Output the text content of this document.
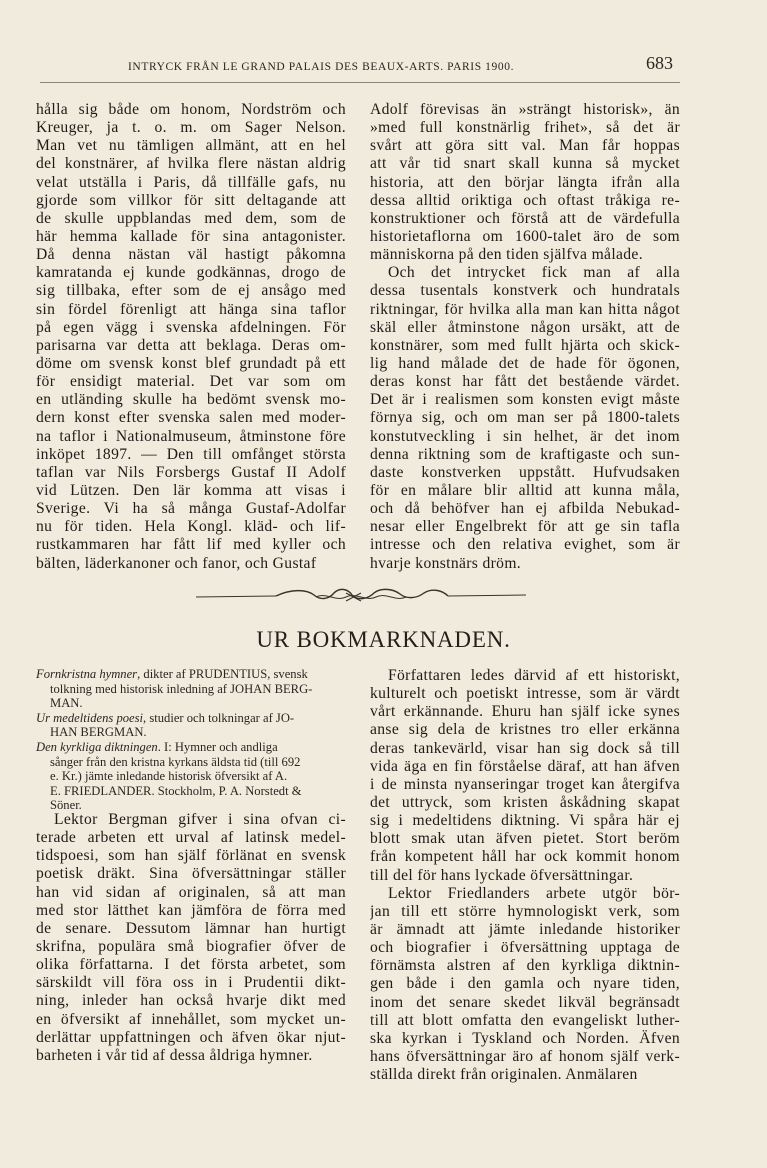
INTRYCK FRÅN LE GRAND PALAIS DES BEAUX-ARTS. PARIS 1900.	683
hålla sig både om honom, Nordström och
Kreuger, ja t. o. m. om Sager Nelson.
Man vet nu tämligen allmänt, att en hel
del konstnärer, af hvilka flere nästan aldrig
velat utställa i Paris, då tillfälle gafs, nu
gjorde som villkor för sitt deltagande att
de skulle uppblandas med dem, som de
här hemma kallade för sina antagonister.
Då denna nästan väl hastigt påkomna
kamratanda ej kunde godkännas, drogo de
sig tillbaka, efter som de ej ansågo med
sin fördel förenligt att hänga sina taflor
på egen vägg i svenska afdelningen. För
parisarna var detta att beklaga. Deras om-
döme om svensk konst blef grundadt på ett
för ensidigt material. Det var som om
en utländing skulle ha bedömt svensk mo-
dern konst efter svenska salen med moder-
na taflor i Nationalmuseum, åtminstone före
inköpet 1897. — Den till omfånget största
taflan var Nils Forsbergs Gustaf II Adolf
vid Lützen. Den lär komma att visas i
Sverige. Vi ha så många Gustaf-Adolfar
nu för tiden. Hela Kongl. kläd- och lif-
rustkammaren har fått lif med kyller och
bälten, läderkanoner och fanor, och Gustaf
Adolf förevisas än »strängt historisk», än
»med full konstnärlig frihet», så det är
svårt att göra sitt val. Man får hoppas
att vår tid snart skall kunna så mycket
historia, att den börjar längta ifrån alla
dessa alltid oriktiga och oftast tråkiga re-
konstruktioner och förstå att de värdefulla
historietaflorna om 1600-talet äro de som
människorna på den tiden själfva målade.
Och det intrycket fick man af alla
dessa tusentals konstverk och hundratals
riktningar, för hvilka alla man kan hitta något
skäl eller åtminstone någon ursäkt, att de
konstnärer, som med fullt hjärta och skick-
lig hand målade det de hade för ögonen,
deras konst har fått det bestående värdet.
Det är i realismen som konsten evigt måste
förnya sig, och om man ser på 1800-talets
konstutveckling i sin helhet, är det inom
denna riktning som de kraftigaste och sun-
daste konstverken uppstått. Hufvudsaken
för en målare blir alltid att kunna måla,
och då behöfver han ej afbilda Nebukad-
nesar eller Engelbrekt för att ge sin tafla
intresse och den relativa evighet, som är
hvarje konstnärs dröm.
UR BOKMARKNADEN.
Fornkristna hymner, dikter af PRUDENTIUS, svensk
tolkning med historisk inledning af JOHAN BERG-
MAN.
Ur medeltidens poesi, studier och tolkningar af JO-
HAN BERGMAN.
Den kyrkliga diktningen. I: Hymner och andliga
sånger från den kristna kyrkans äldsta tid (till 692
e. Kr.) jämte inledande historisk öfversikt af A.
E. FRIEDLANDER. Stockholm, P. A. Norstedt &
Söner.
Lektor Bergman gifver i sina ofvan ci-
terade arbeten ett urval af latinsk medel-
tidspoesi, som han själf förlänat en svensk
poetisk dräkt. Sina öfversättningar ställer
han vid sidan af originalen, så att man
med stor lätthet kan jämföra de förra med
de senare. Dessutom lämnar han hurtigt
skrifna, populära små biografier öfver de
olika författarna. I det första arbetet, som
särskildt vill föra oss in i Prudentii dikt-
ning, inleder han också hvarje dikt med
en öfversikt af innehållet, som mycket un-
derlättar uppfattningen och äfven ökar njut-
barheten i vår tid af dessa åldriga hymner.
Författaren ledes därvid af ett historiskt,
kulturelt och poetiskt intresse, som är värdt
vårt erkännande. Ehuru han själf icke synes
anse sig dela de kristnes tro eller erkänna
deras tankevärld, visar han sig dock så till
vida äga en fin förståelse däraf, att han äfven
i de minsta nyanseringar troget kan återgifva
det uttryck, som kristen åskådning skapat
sig i medeltidens diktning. Vi spåra här ej
blott smak utan äfven pietet. Stort beröm
från kompetent håll har ock kommit honom
till del för hans lyckade öfversättningar.
Lektor Friedlanders arbete utgör bör-
jan till ett större hymnologiskt verk, som
är ämnadt att jämte inledande historiker
och biografier i öfversättning upptaga de
förnämsta alstren af den kyrkliga diktnin-
gen både i den gamla och nyare tiden,
inom det senare skedet likväl begränsadt
till att blott omfatta den evangeliskt luther-
ska kyrkan i Tyskland och Norden. Äfven
hans öfversättningar äro af honom själf verk-
ställda direkt från originalen. Anmälaren
